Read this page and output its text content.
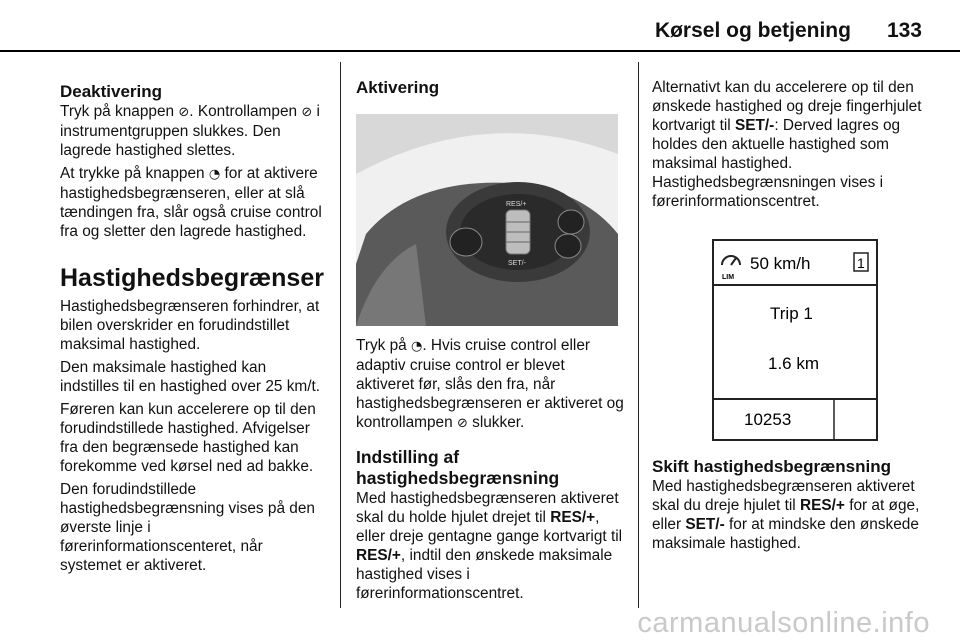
Kørsel og betjening 133
Deaktivering

Tryk på knappen ⊘. Kontrollampen ⊘ i instrumentgruppen slukkes. Den lagrede hastighed slettes.

At trykke på knappen ◔ for at aktivere hastighedsbegrænseren, eller at slå tændingen fra, slår også cruise control fra og sletter den lagrede hastighed.

Hastighedsbegrænser

Hastighedsbegrænseren forhindrer, at bilen overskrider en forudindstillet maksimal hastighed.

Den maksimale hastighed kan indstilles til en hastighed over 25 km/t.

Føreren kan kun accelerere op til den forudindstillede hastighed. Afvigelser fra den begrænsede hastighed kan forekomme ved kørsel ned ad bakke.

Den forudindstillede hastighedsbegrænsning vises på den øverste linje i førerinformationscenteret, når systemet er aktiveret.

Aktivering
RES/+
SET/-

Tryk på ◔. Hvis cruise control eller adaptiv cruise control er blevet aktiveret før, slås den fra, når hastighedsbegrænseren er aktiveret og kontrollampen ⊘ slukker.

Indstilling af hastighedsbegrænsning

Med hastighedsbegrænseren aktiveret skal du holde hjulet drejet til RES/+, eller dreje gentagne gange kortvarigt til RES/+, indtil den ønskede maksimale hastighed vises i førerinformationscentret.

Alternativt kan du accelerere op til den ønskede hastighed og dreje fingerhjulet kortvarigt til SET/-: Derved lagres og holdes den aktuelle hastighed som maksimal hastighed. Hastighedsbegrænsningen vises i førerinformationscentret.

LIM
50 km/h	1
Trip 1
1.6 km
10253
Skift hastighedsbegrænsning

Med hastighedsbegrænseren aktiveret skal du dreje hjulet til RES/+ for at øge, eller SET/- for at mindske den ønskede maksimale hastighed.

carmanualsonline.info
